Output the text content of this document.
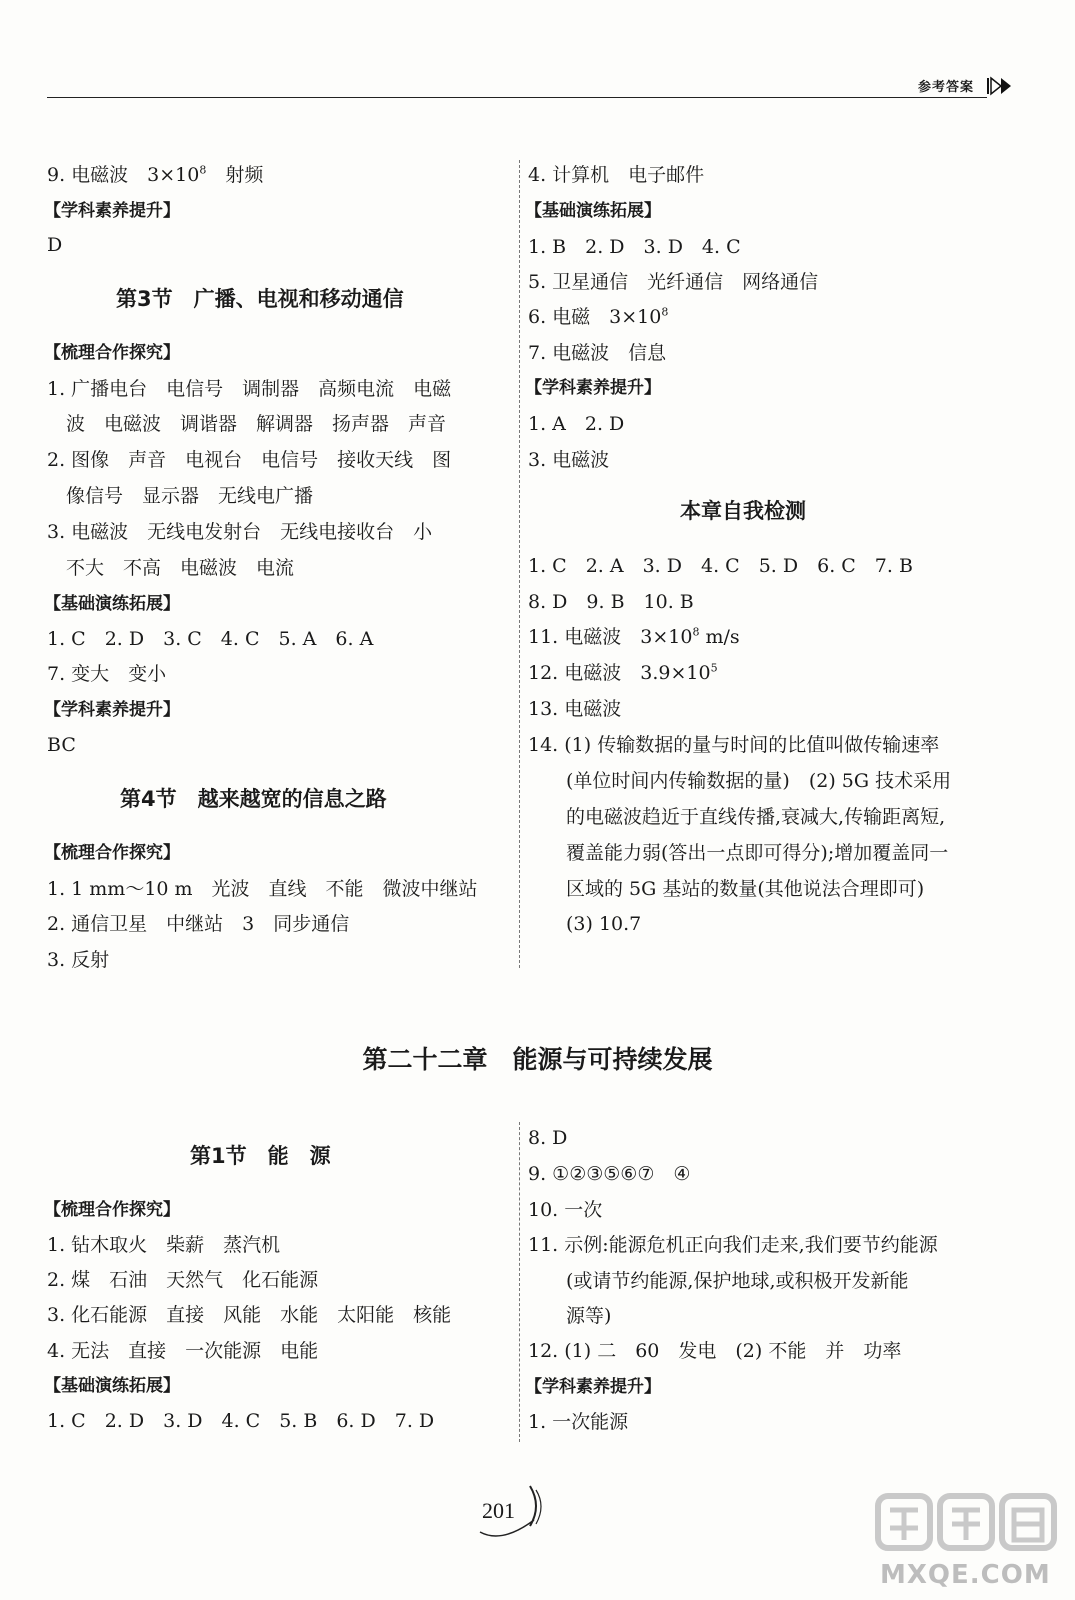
参考答案
9. 电磁波　$3\times 10^8$　射频
【学科素养提升】
D
第3节　广播、电视和移动通信
【梳理合作探究】
1. 广播电台　电信号　调制器　高频电流　电磁
　波　电磁波　调谐器　解调器　扬声器　声音
2. 图像　声音　电视台　电信号　接收天线　图
　像信号　显示器　无线电广播
3. 电磁波　无线电发射台　无线电接收台　小
　不大　不高　电磁波　电流
【基础演练拓展】
1. C　2. D　3. C　4. C　5. A　6. A
7. 变大　变小
【学科素养提升】
BC
第4节　越来越宽的信息之路
【梳理合作探究】
1. 1 mm～10 m　光波　直线　不能　微波中继站
2. 通信卫星　中继站　3　同步通信
3. 反射
4. 计算机　电子邮件
【基础演练拓展】
1. B　2. D　3. D　4. C
5. 卫星通信　光纤通信　网络通信
6. 电磁　$3\times 10^8$
7. 电磁波　信息
【学科素养提升】
1. A　2. D
3. 电磁波
本章自我检测
1. C　2. A　3. D　4. C　5. D　6. C　7. B
8. D　9. B　10. B
11. 电磁波　$3\times 10^8$ m/s
12. 电磁波　$3.9\times 10^5$
13. 电磁波
14. (1) 传输数据的量与时间的比值叫做传输速率
　　(单位时间内传输数据的量)　(2) 5G 技术采用
　　的电磁波趋近于直线传播,衰减大,传输距离短,
　　覆盖能力弱(答出一点即可得分);增加覆盖同一
　　区域的 5G 基站的数量(其他说法合理即可)
　　(3) 10.7
第二十二章　能源与可持续发展
第1节　能　源
【梳理合作探究】
1. 钻木取火　柴薪　蒸汽机
2. 煤　石油　天然气　化石能源
3. 化石能源　直接　风能　水能　太阳能　核能
4. 无法　直接　一次能源　电能
【基础演练拓展】
1. C　2. D　3. D　4. C　5. B　6. D　7. D
8. D
9. ①②③⑤⑥⑦　④
10. 一次
11. 示例:能源危机正向我们走来,我们要节约能源
　　(或请节约能源,保护地球,或积极开发新能
　　源等)
12. (1) 二　60　发电　(2) 不能　并　功率
【学科素养提升】
1. 一次能源
201
MXQE.COM
